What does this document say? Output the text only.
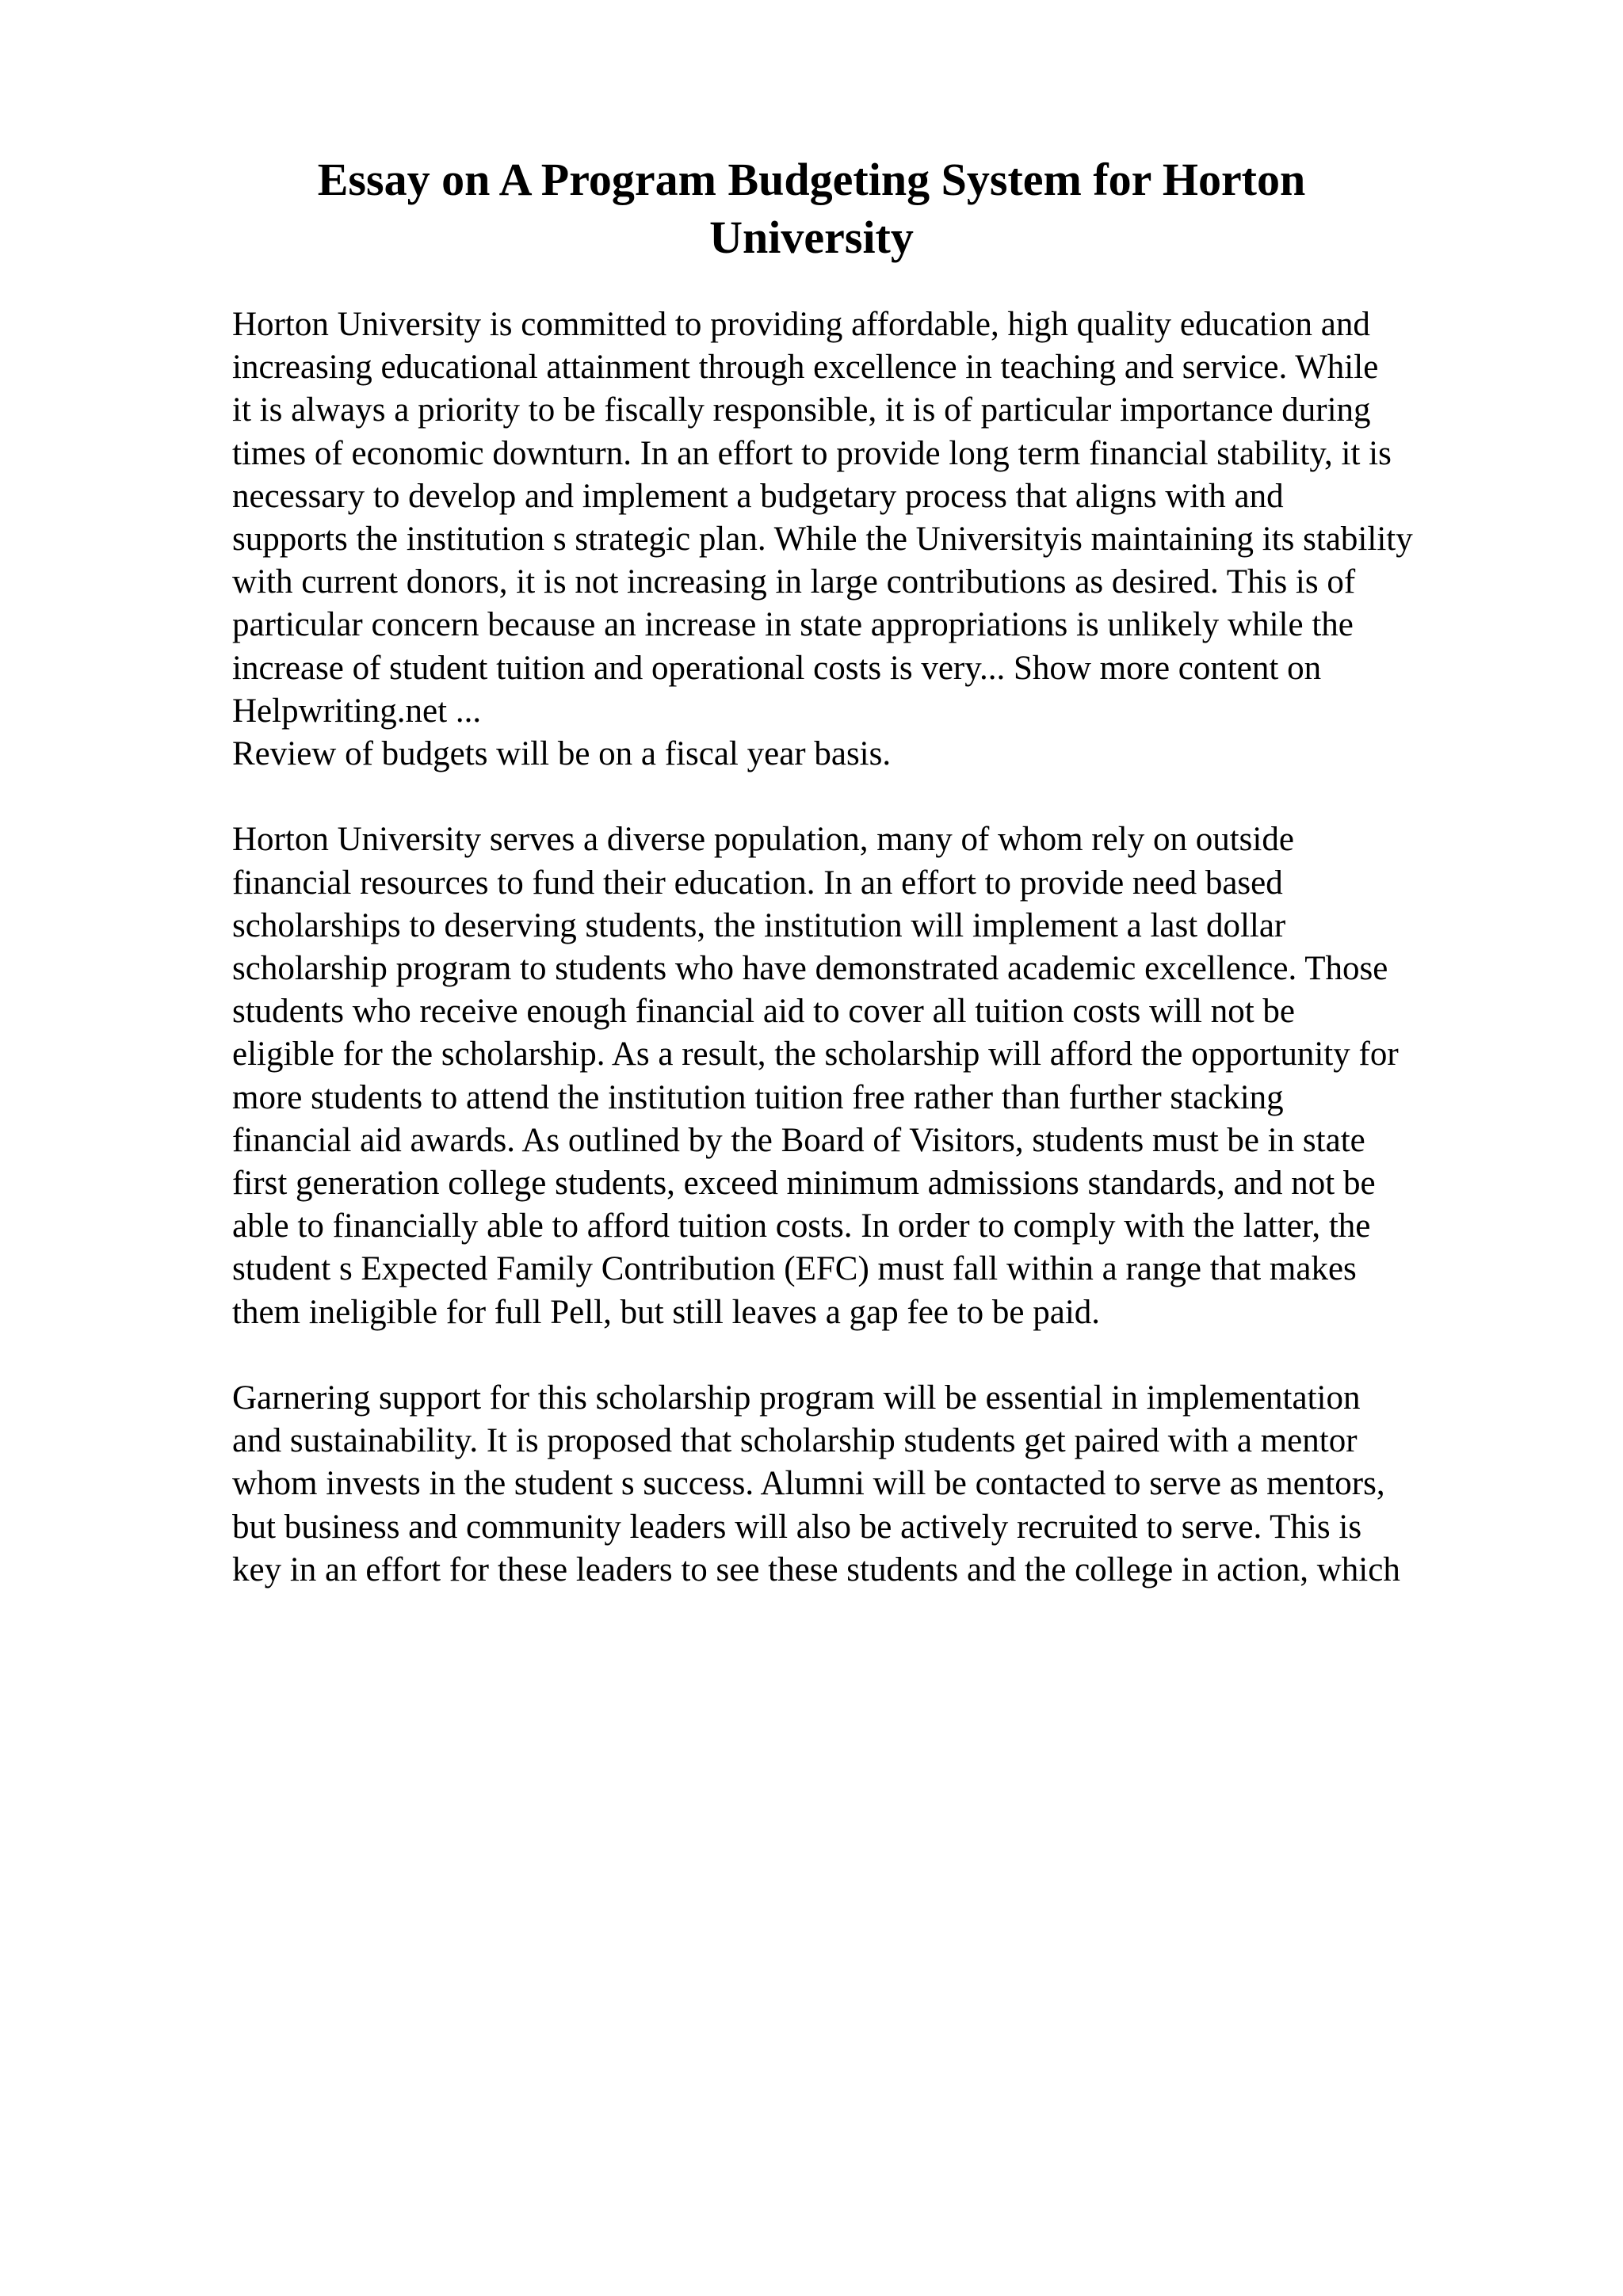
Essay on A Program Budgeting System for Horton
University

Horton University is committed to providing affordable, high quality education and
increasing educational attainment through excellence in teaching and service. While
it is always a priority to be fiscally responsible, it is of particular importance during
times of economic downturn. In an effort to provide long term financial stability, it is
necessary to develop and implement a budgetary process that aligns with and
supports the institution s strategic plan. While the Universityis maintaining its stability
with current donors, it is not increasing in large contributions as desired. This is of
particular concern because an increase in state appropriations is unlikely while the
increase of student tuition and operational costs is very... Show more content on
Helpwriting.net ...

Review of budgets will be on a fiscal year basis.

Horton University serves a diverse population, many of whom rely on outside
financial resources to fund their education. In an effort to provide need based
scholarships to deserving students, the institution will implement a last dollar
scholarship program to students who have demonstrated academic excellence. Those
students who receive enough financial aid to cover all tuition costs will not be
eligible for the scholarship. As a result, the scholarship will afford the opportunity for
more students to attend the institution tuition free rather than further stacking
financial aid awards. As outlined by the Board of Visitors, students must be in state
first generation college students, exceed minimum admissions standards, and not be
able to financially able to afford tuition costs. In order to comply with the latter, the
student s Expected Family Contribution (EFC) must fall within a range that makes
them ineligible for full Pell, but still leaves a gap fee to be paid.

Garnering support for this scholarship program will be essential in implementation
and sustainability. It is proposed that scholarship students get paired with a mentor
whom invests in the student s success. Alumni will be contacted to serve as mentors,
but business and community leaders will also be actively recruited to serve. This is
key in an effort for these leaders to see these students and the college in action, which
